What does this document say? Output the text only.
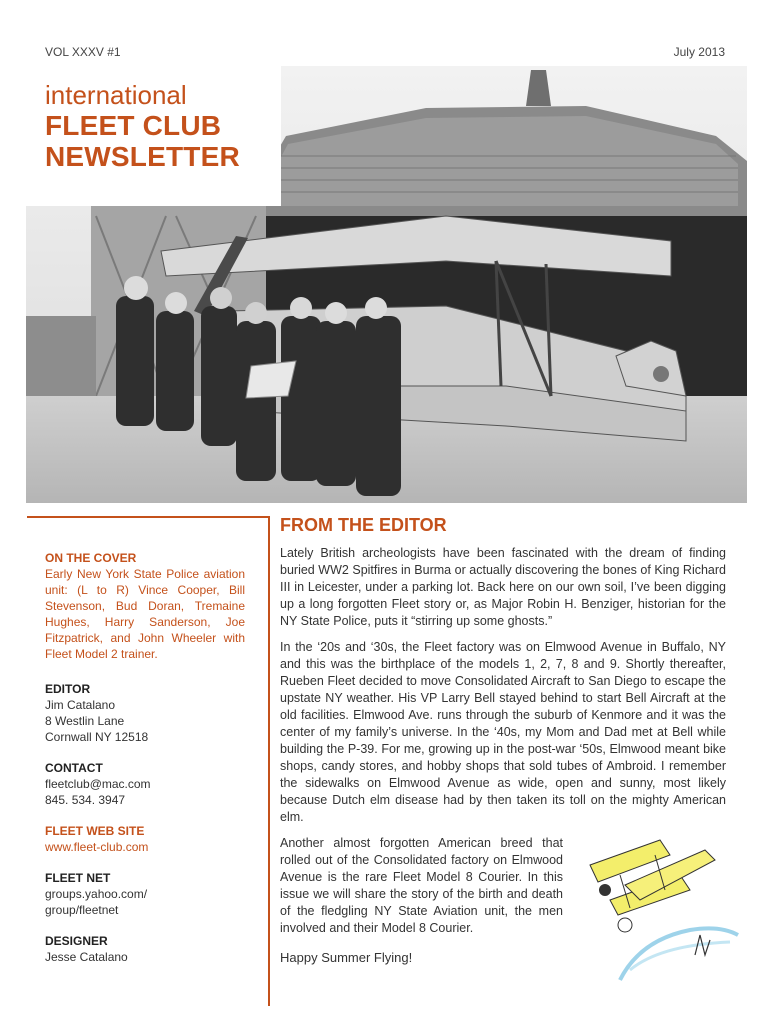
VOL XXXV #1	July 2013
international
FLEET CLUB
NEWSLETTER
ON THE COVER
Early New York State Police aviation unit: (L to R) Vince Cooper, Bill Stevenson, Bud Doran, Tremaine Hughes, Harry Sanderson, Joe Fitzpatrick, and John Wheeler with Fleet Model 2 trainer.
EDITOR
Jim Catalano
8 Westlin Lane
Cornwall NY 12518
CONTACT
fleetclub@mac.com
845. 534. 3947
FLEET WEB SITE
www.fleet-club.com
FLEET NET
groups.yahoo.com/
group/fleetnet
DESIGNER
Jesse Catalano
FROM THE EDITOR

Lately British archeologists have been fascinated with the dream of finding buried WW2 Spitfires in Burma or actually discovering the bones of King Richard III in Leicester, under a parking lot. Back here on our own soil, I’ve been digging up a long forgotten Fleet story or, as Major Robin H. Benziger, historian for the NY State Police, puts it “stirring up some ghosts.”

In the ‘20s and ‘30s, the Fleet factory was on Elmwood Avenue in Buffalo, NY and this was the birthplace of the models 1, 2, 7, 8 and 9. Shortly thereafter, Rueben Fleet decided to move Consolidated Aircraft to San Diego to escape the upstate NY weather. His VP Larry Bell stayed behind to start Bell Aircraft at the old facilities. Elmwood Ave. runs through the suburb of Kenmore and it was the center of my family’s universe. In the ‘40s, my Mom and Dad met at Bell while building the P-39. For me, growing up in the post-war ‘50s, Elmwood meant bike shops, candy stores, and hobby shops that sold tubes of Ambroid. I remember the sidewalks on Elmwood Avenue as wide, open and sunny, most likely because Dutch elm disease had by then taken its toll on the mighty American elm.

Another almost forgotten American breed that rolled out of the Consolidated factory on Elmwood Avenue is the rare Fleet Model 8 Courier. In this issue we will share the story of the birth and death of the fledgling NY State Aviation unit, the men involved and their Model 8 Courier.

Happy Summer Flying!
